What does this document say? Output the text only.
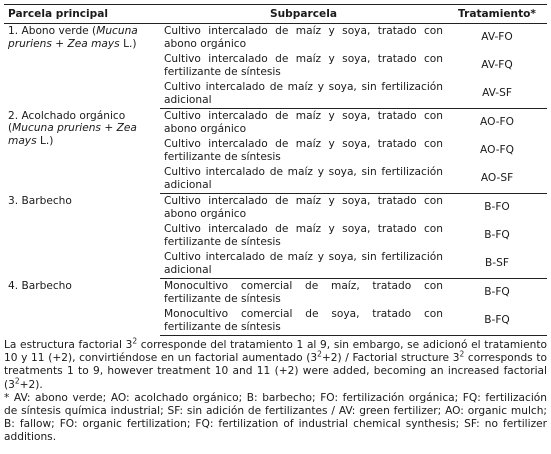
Parcela principal	Subparcela	Tratamiento*
1. Abono verde (Mucuna pruriens + Zea mays L.)	Cultivo intercalado de maíz y soya, tratado con abono orgánico	AV-FO
	Cultivo intercalado de maíz y soya, tratado con fertilizante de síntesis	AV-FQ
	Cultivo intercalado de maíz y soya, sin fertilización adicional	AV-SF
2. Acolchado orgánico (Mucuna pruriens + Zea mays L.)	Cultivo intercalado de maíz y soya, tratado con abono orgánico	AO-FO
	Cultivo intercalado de maíz y soya, tratado con fertilizante de síntesis	AO-FQ
	Cultivo intercalado de maíz y soya, sin fertilización adicional	AO-SF
3. Barbecho	Cultivo intercalado de maíz y soya, tratado con abono orgánico	B-FO
	Cultivo intercalado de maíz y soya, tratado con fertilizante de síntesis	B-FQ
	Cultivo intercalado de maíz y soya, sin fertilización adicional	B-SF
4. Barbecho	Monocultivo comercial de maíz, tratado con fertilizante de síntesis	B-FQ
	Monocultivo comercial de soya, tratado con fertilizante de síntesis	B-FQ

La estructura factorial $3^2$ corresponde del tratamiento 1 al 9, sin embargo, se adicionó el tratamiento 10 y 11 (+2), convirtiéndose en un factorial aumentado $(3^2+2)$ / Factorial structure $3^2$ corresponds to treatments 1 to 9, however treatment 10 and 11 (+2) were added, becoming an increased factorial $(3^2+2)$.

* AV: abono verde; AO: acolchado orgánico; B: barbecho; FO: fertilización orgánica; FQ: fertilización de síntesis química industrial; SF: sin adición de fertilizantes / AV: green fertilizer; AO: organic mulch; B: fallow; FO: organic fertilization; FQ: fertilization of industrial chemical synthesis; SF: no fertilizer additions.
